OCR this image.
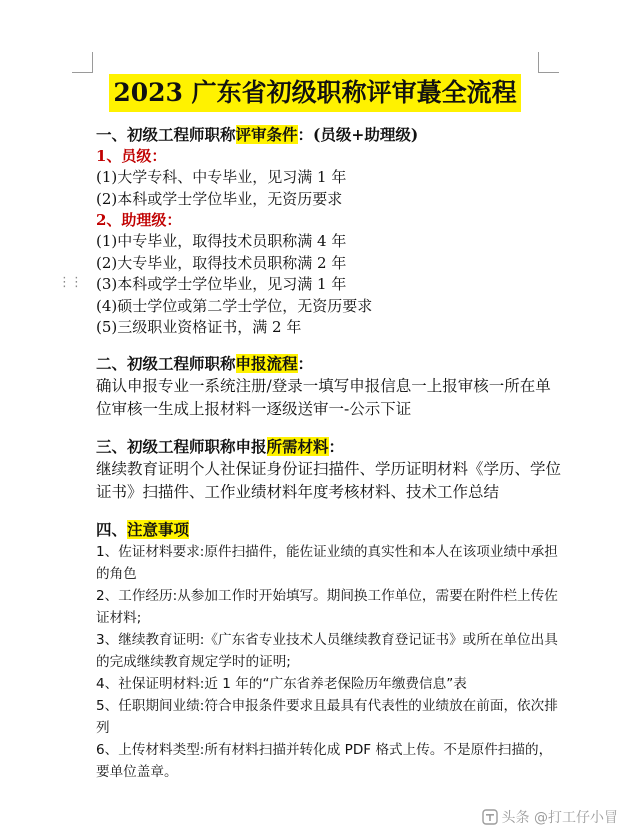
⋮⋮
2023 广东省初级职称评审蕞全流程

一、初级工程师职称评审条件：(员级+助理级)

1、员级：

(1)大学专科、中专毕业，见习满 1 年

(2)本科或学士学位毕业，无资历要求

2、助理级：

(1)中专毕业，取得技术员职称满 4 年

(2)大专毕业，取得技术员职称满 2 年

(3)本科或学士学位毕业，见习满 1 年

(4)硕士学位或第二学士学位，无资历要求

(5)三级职业资格证书，满 2 年

二、初级工程师职称申报流程：

确认申报专业一系统注册/登录一填写申报信息一上报审核一所在单位审核一生成上报材料一逐级送审一-公示下证

三、初级工程师职称申报所需材料：

继续教育证明个人社保证身份证扫描件、学历证明材料《学历、学位证书》扫描件、工作业绩材料年度考核材料、技术工作总结

四、注意事项

1、佐证材料要求:原件扫描件，能佐证业绩的真实性和本人在该项业绩中承担的角色

2、工作经历:从参加工作时开始填写。期间换工作单位，需要在附件栏上传佐证材料;

3、继续教育证明:《广东省专业技术人员继续教育登记证书》或所在单位出具的完成继续教育规定学时的证明;

4、社保证明材料:近 1 年的“广东省养老保险历年缴费信息”表

5、任职期间业绩:符合申报条件要求且最具有代表性的业绩放在前面，依次排列

6、上传材料类型:所有材料扫描并转化成 PDF 格式上传。不是原件扫描的，要单位盖章。

头条 @打工仔小冒
